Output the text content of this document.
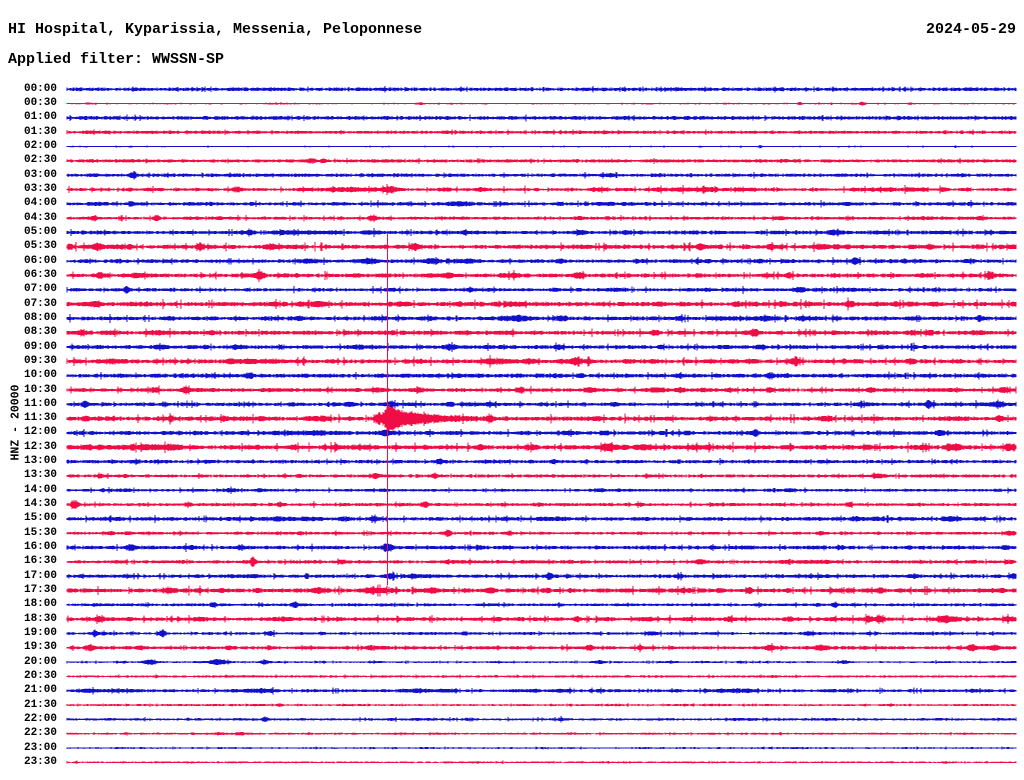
HI Hospital, Kyparissia, Messenia, Peloponnese	2024-05-29
Applied filter: WWSSN-SP
HNZ - 20000
00:00
00:30
01:00
01:30
02:00
02:30
03:00
03:30
04:00
04:30
05:00
05:30
06:00
06:30
07:00
07:30
08:00
08:30
09:00
09:30
10:00
10:30
11:00
11:30
12:00
12:30
13:00
13:30
14:00
14:30
15:00
15:30
16:00
16:30
17:00
17:30
18:00
18:30
19:00
19:30
20:00
20:30
21:00
21:30
22:00
22:30
23:00
23:30
